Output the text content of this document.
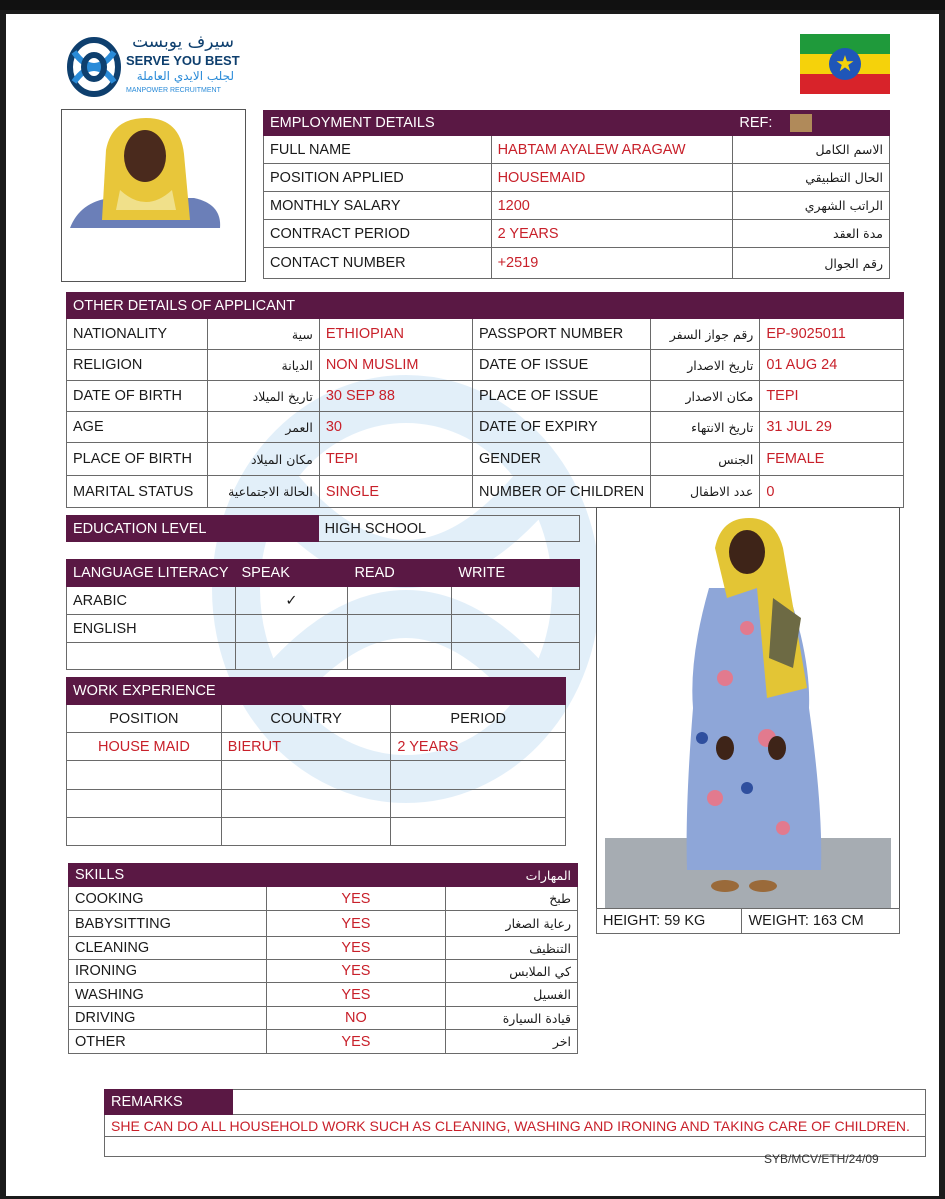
سيرف يوبست
SERVE YOU BEST
لجلب الايدي العاملة
MANPOWER RECRUITMENT
★
EMPLOYMENT DETAILS		REF:
FULL NAME	HABTAM AYALEW ARAGAW	الاسم الكامل
POSITION APPLIED	HOUSEMAID	الحال التطبيقي
MONTHLY SALARY	1200	الراتب الشهري
CONTRACT PERIOD	2 YEARS	مدة العقد
CONTACT NUMBER	+2519	رقم الجوال
OTHER DETAILS OF APPLICANT					
NATIONALITY	سية	ETHIOPIAN	PASSPORT NUMBER	رقم جواز السفر	EP-9025011
RELIGION	الديانة	NON MUSLIM	DATE OF ISSUE	تاريخ الاصدار	01 AUG 24
DATE OF BIRTH	تاريخ الميلاد	30 SEP 88	PLACE OF ISSUE	مكان الاصدار	TEPI
AGE	العمر	30	DATE OF EXPIRY	تاريخ الانتهاء	31 JUL 29
PLACE OF BIRTH	مكان الميلاد	TEPI	GENDER	الجنس	FEMALE
MARITAL STATUS	الحالة الاجتماعية	SINGLE	NUMBER OF CHILDREN	عدد الاطفال	0
EDUCATION LEVEL	HIGH SCHOOL
LANGUAGE LITERACY	SPEAK	READ	WRITE
ARABIC	✓		
ENGLISH			

WORK EXPERIENCE		
POSITION	COUNTRY	PERIOD
HOUSE MAID	BIERUT	2 YEARS

SKILLS		المهارات
COOKING	YES	طبخ
BABYSITTING	YES	رعاية الصغار
CLEANING	YES	التنظيف
IRONING	YES	كي الملابس
WASHING	YES	الغسيل
DRIVING	NO	قيادة السيارة
OTHER	YES	اخر
HEIGHT: 59 KG	WEIGHT: 163 CM
REMARKS	
SHE CAN DO ALL HOUSEHOLD WORK SUCH AS CLEANING, WASHING AND IRONING AND TAKING CARE OF CHILDREN.

SYB/MCV/ETH/24/09
